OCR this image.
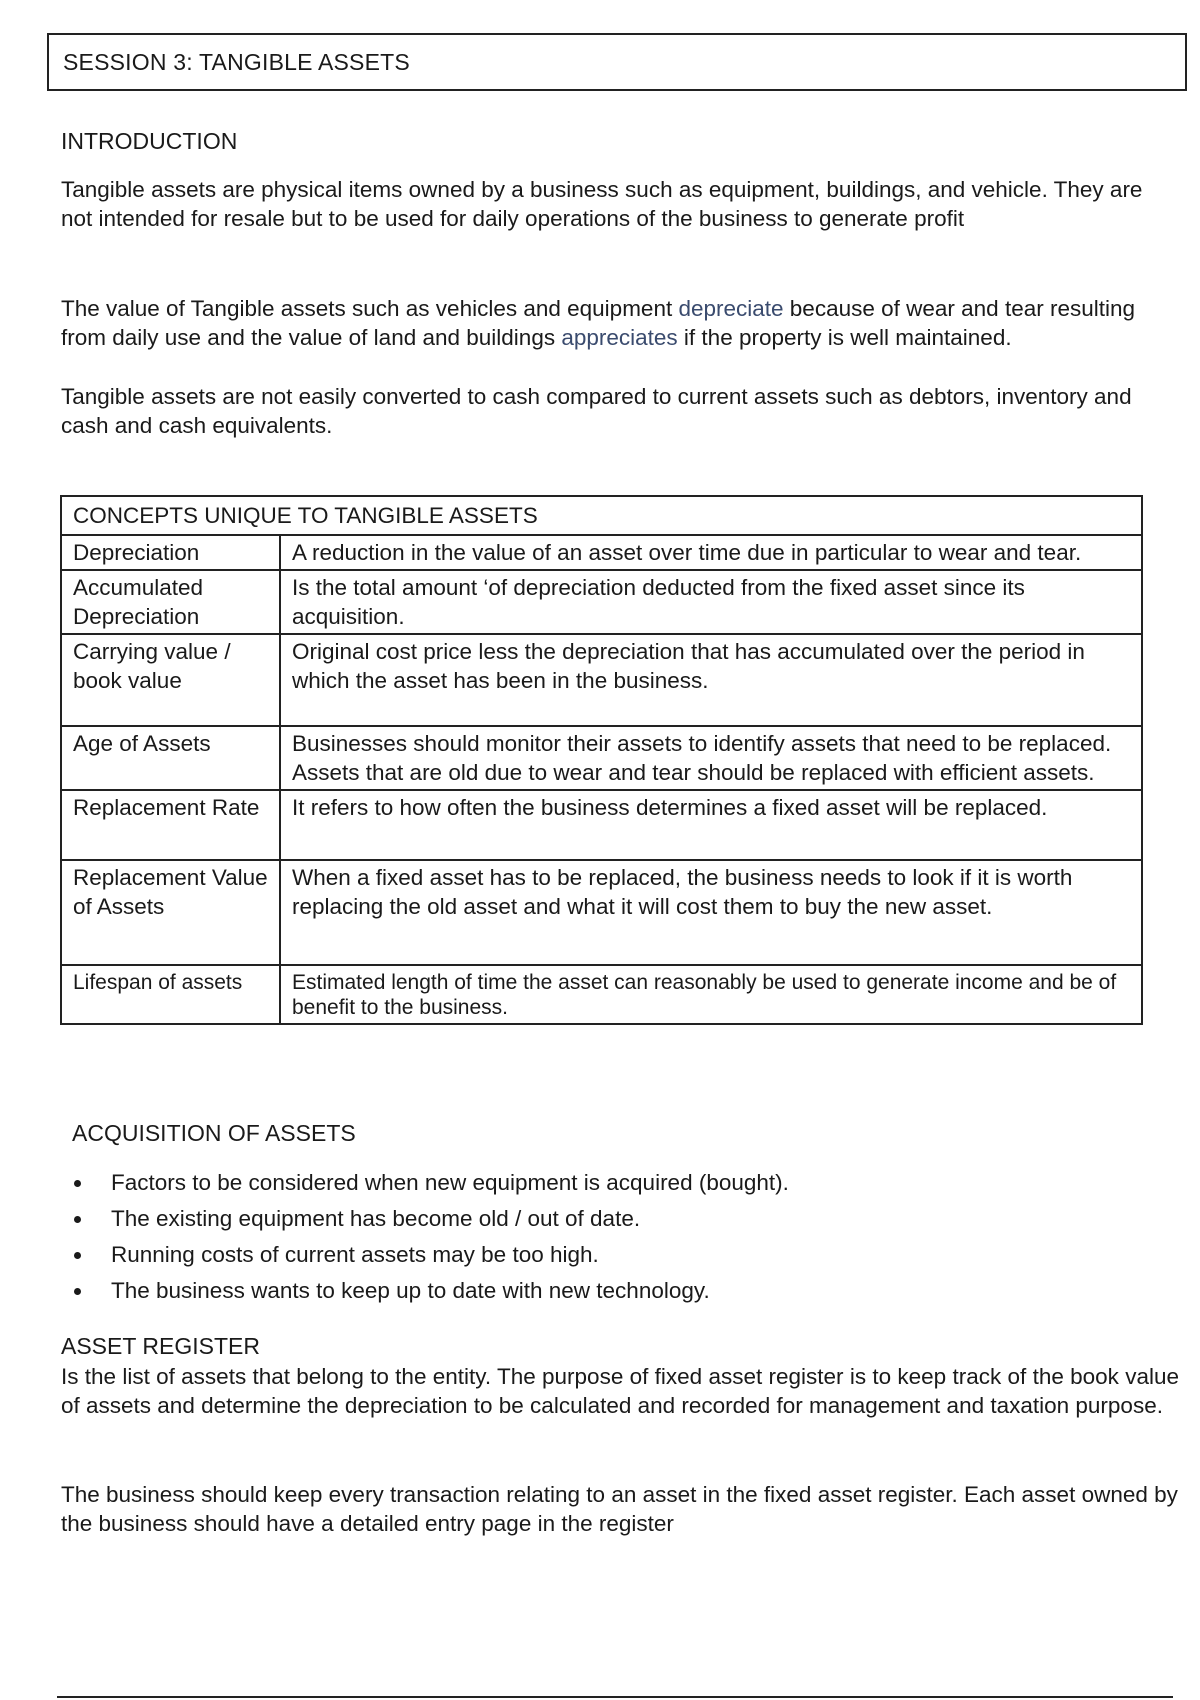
SESSION 3: TANGIBLE ASSETS
INTRODUCTION

Tangible assets are physical items owned by a business such as equipment, buildings, and vehicle. They are not intended for resale but to be used for daily operations of the business to generate profit

The value of Tangible assets such as vehicles and equipment depreciate because of wear and tear resulting from daily use and the value of land and buildings appreciates if the property is well maintained.

Tangible assets are not easily converted to cash compared to current assets such as debtors, inventory and cash and cash equivalents.

CONCEPTS UNIQUE TO TANGIBLE ASSETS	
Depreciation	A reduction in the value of an asset over time due in particular to wear and tear.
Accumulated Depreciation	Is the total amount ‘of depreciation deducted from the fixed asset since its acquisition.
Carrying value / book value	Original cost price less the depreciation that has accumulated over the period in which the asset has been in the business.
Age of Assets	Businesses should monitor their assets to identify assets that need to be replaced. Assets that are old due to wear and tear should be replaced with efficient assets.
Replacement Rate	It refers to how often the business determines a fixed asset will be replaced.
Replacement Value of Assets	When a fixed asset has to be replaced, the business needs to look if it is worth replacing the old asset and what it will cost them to buy the new asset.
Lifespan of assets	Estimated length of time the asset can reasonably be used to generate income and be of benefit to the business.
ACQUISITION OF ASSETS
Factors to be considered when new equipment is acquired (bought).
The existing equipment has become old / out of date.
Running costs of current assets may be too high.
The business wants to keep up to date with new technology.
ASSET REGISTER

Is the list of assets that belong to the entity. The purpose of fixed asset register is to keep track of the book value of assets and determine the depreciation to be calculated and recorded for management and taxation purpose.

The business should keep every transaction relating to an asset in the fixed asset register. Each asset owned by the business should have a detailed entry page in the register
